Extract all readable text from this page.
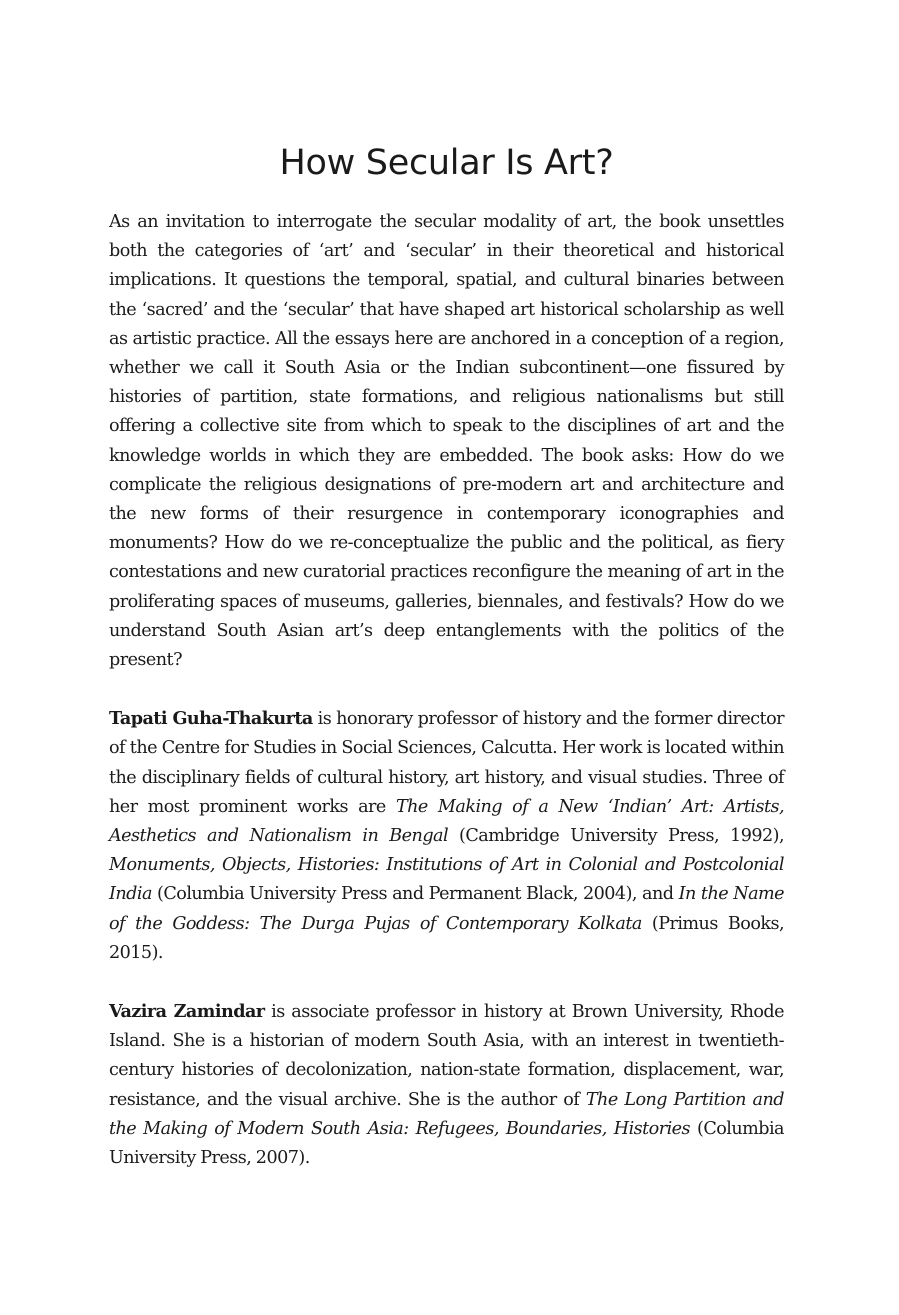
How Secular Is Art?

As an invitation to interrogate the secular modality of art, the book unsettles both the categories of ‘art’ and ‘secular’ in their theoretical and historical implications. It questions the temporal, spatial, and cultural binaries between the ‘sacred’ and the ‘secular’ that have shaped art historical scholarship as well as artistic practice. All the essays here are anchored in a conception of a region, whether we call it South Asia or the Indian subcontinent—one fissured by histories of partition, state formations, and religious nationalisms but still offering a collective site from which to speak to the disciplines of art and the knowledge worlds in which they are embedded. The book asks: How do we complicate the religious designations of pre-modern art and architecture and the new forms of their resurgence in contemporary iconographies and monuments? How do we re-conceptualize the public and the political, as fiery contestations and new curatorial practices reconfigure the meaning of art in the proliferating spaces of museums, galleries, biennales, and festivals? How do we understand South Asian art’s deep entanglements with the politics of the present?

Tapati Guha-Thakurta is honorary professor of history and the former director of the Centre for Studies in Social Sciences, Calcutta. Her work is located within the disciplinary fields of cultural history, art history, and visual studies. Three of her most prominent works are The Making of a New ‘Indian’ Art: Artists, Aesthetics and Nationalism in Bengal (Cambridge University Press, 1992), Monuments, Objects, Histories: Institutions of Art in Colonial and Postcolonial India (Columbia University Press and Permanent Black, 2004), and In the Name of the Goddess: The Durga Pujas of Contemporary Kolkata (Primus Books, 2015).

Vazira Zamindar is associate professor in history at Brown University, Rhode Island. She is a historian of modern South Asia, with an interest in twentieth-century histories of decolonization, nation-state formation, displacement, war, resistance, and the visual archive. She is the author of The Long Partition and the Making of Modern South Asia: Refugees, Boundaries, Histories (Columbia University Press, 2007).
